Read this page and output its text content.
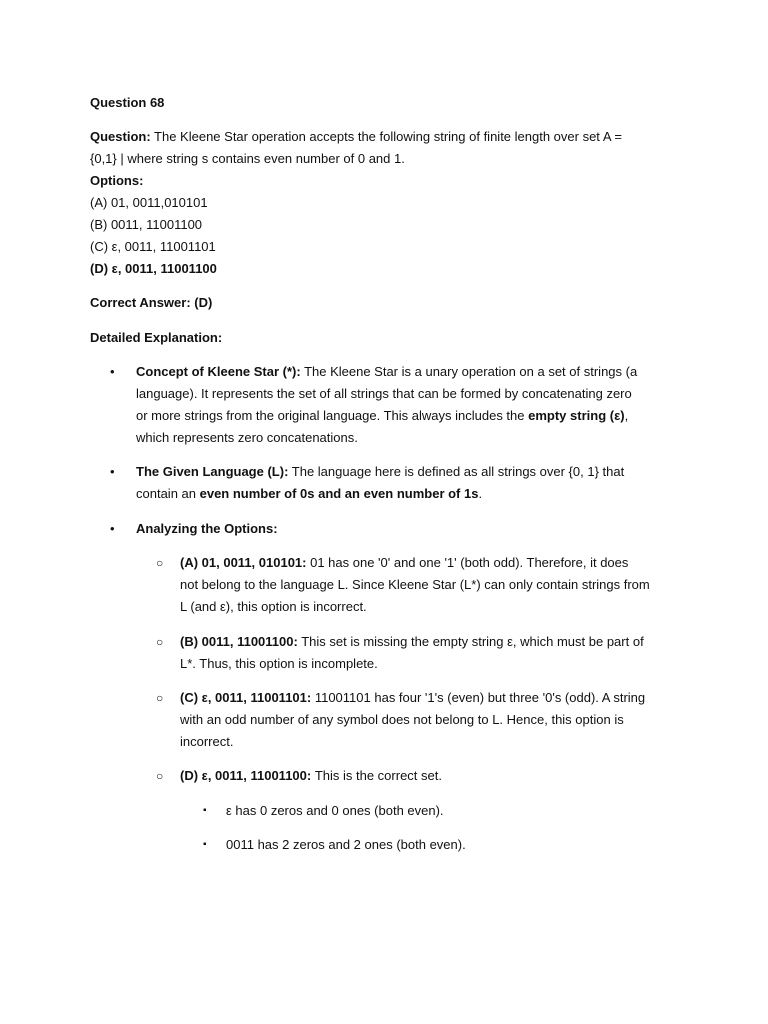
Question 68
Question: The Kleene Star operation accepts the following string of finite length over set A =
{0,1} | where string s contains even number of 0 and 1.
Options:
(A) 01, 0011,010101
(B) 0011, 11001100
(C) ε, 0011, 11001101
(D) ε, 0011, 11001100
Correct Answer: (D)
Detailed Explanation:
•	Concept of Kleene Star (*): The Kleene Star is a unary operation on a set of strings (a
language). It represents the set of all strings that can be formed by concatenating zero
or more strings from the original language. This always includes the empty string (ε),
which represents zero concatenations.
•	The Given Language (L): The language here is defined as all strings over {0, 1} that
contain an even number of 0s and an even number of 1s.
•	Analyzing the Options:
○ (A) 01, 0011, 010101: 01 has one '0' and one '1' (both odd). Therefore, it does
not belong to the language L. Since Kleene Star (L*) can only contain strings from
L (and ε), this option is incorrect.
○ (B) 0011, 11001100: This set is missing the empty string ε, which must be part of
L*. Thus, this option is incomplete.
○ (C) ε, 0011, 11001101: 11001101 has four '1's (even) but three '0's (odd). A string
with an odd number of any symbol does not belong to L. Hence, this option is
incorrect.
○ (D) ε, 0011, 11001100: This is the correct set.
▪ ε has 0 zeros and 0 ones (both even).
▪ 0011 has 2 zeros and 2 ones (both even).
